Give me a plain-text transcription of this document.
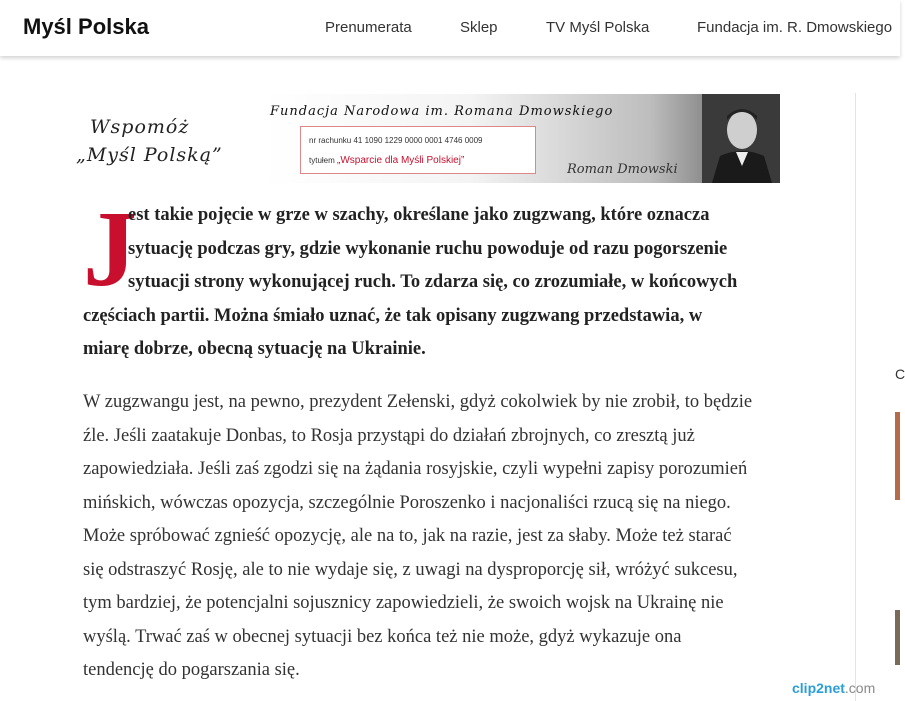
Myśl Polska	Prenumerata	Sklep	TV Myśl Polska	Fundacja im. R. Dmowskiego
C
Wspomóż
„Myśl Polską”
Fundacja Narodowa im. Romana Dmowskiego
nr rachunku 41 1090 1229 0000 0001 4746 0009
tytułem „Wsparcie dla Myśli Polskiej”
Roman Dmowski
J
est takie pojęcie w grze w szachy, określane jako zugzwang, które oznacza
sytuację podczas gry, gdzie wykonanie ruchu powoduje od razu pogorszenie
sytuacji strony wykonującej ruch. To zdarza się, co zrozumiałe, w końcowych
częściach partii. Można śmiało uznać, że tak opisany zugzwang przedstawia, w
miarę dobrze, obecną sytuację na Ukrainie.
W zugzwangu jest, na pewno, prezydent Zełenski, gdyż cokolwiek by nie zrobił, to będzie
źle. Jeśli zaatakuje Donbas, to Rosja przystąpi do działań zbrojnych, co zresztą już
zapowiedziała. Jeśli zaś zgodzi się na żądania rosyjskie, czyli wypełni zapisy porozumień
mińskich, wówczas opozycja, szczególnie Poroszenko i nacjonaliści rzucą się na niego.
Może spróbować zgnieść opozycję, ale na to, jak na razie, jest za słaby. Może też starać
się odstraszyć Rosję, ale to nie wydaje się, z uwagi na dysproporcję sił, wróżyć sukcesu,
tym bardziej, że potencjalni sojusznicy zapowiedzieli, że swoich wojsk na Ukrainę nie
wyślą. Trwać zaś w obecnej sytuacji bez końca też nie może, gdyż wykazuje ona
tendencję do pogarszania się.
clip2net.com
